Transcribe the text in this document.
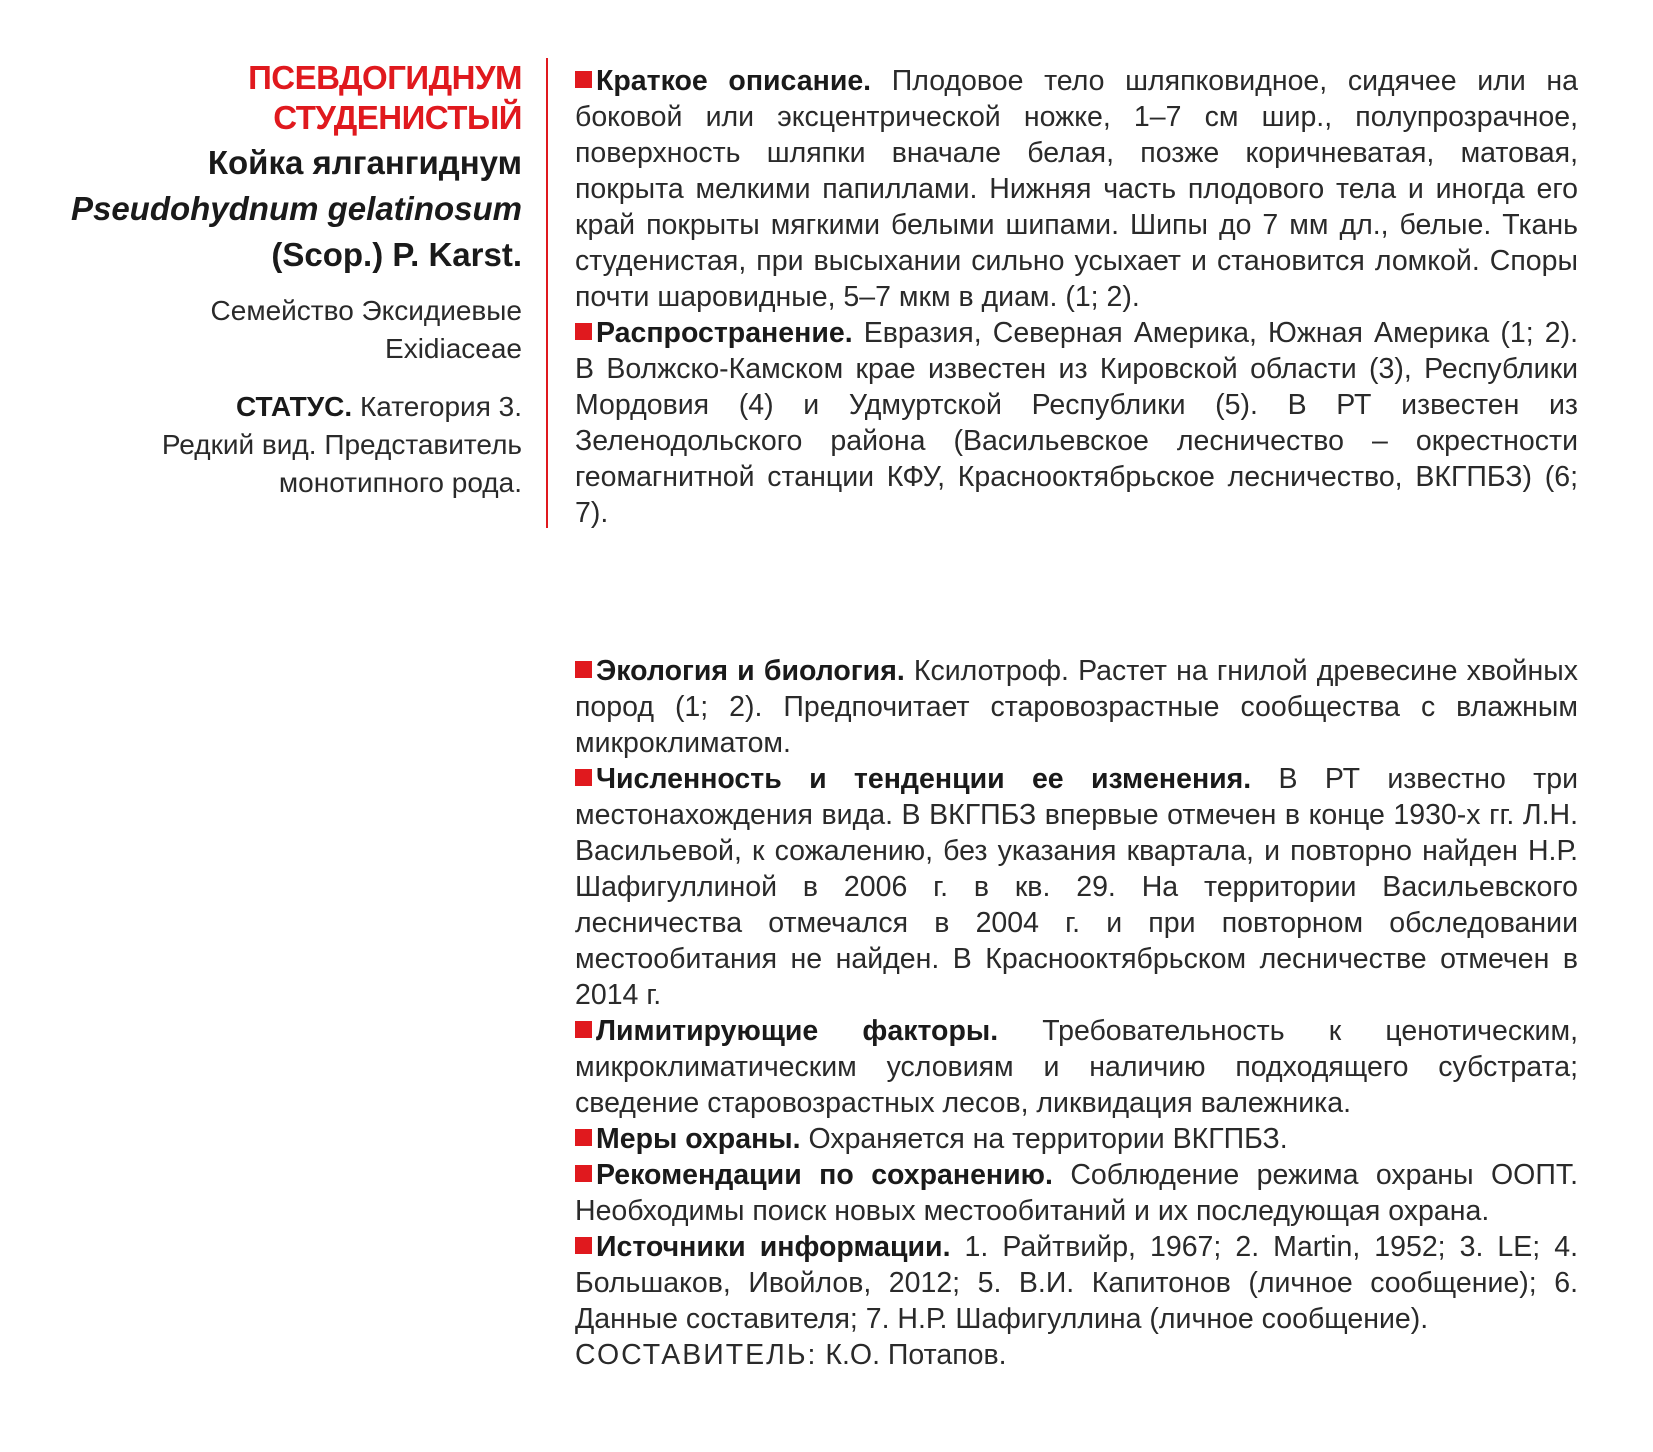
ПСЕВДОГИДНУМ
СТУДЕНИСТЫЙ
Койка ялгангиднум
Pseudohydnum gelatinosum
(Scop.) P. Karst.
Семейство Эксидиевые
Exidiaceae
СТАТУС. Категория 3.
Редкий вид. Представитель
монотипного рода.

Краткое описание. Плодовое тело шляпковидное, сидячее или на боковой или эксцентрической ножке, 1–7 см шир., полупрозрачное, поверхность шляпки вначале белая, позже коричневатая, матовая, покрыта мелкими папиллами. Нижняя часть плодового тела и иногда его край покрыты мягкими белыми шипами. Шипы до 7 мм дл., белые. Ткань студенистая, при высыхании сильно усыхает и становится ломкой. Споры почти шаровидные, 5–7 мкм в диам. (1; 2).

Распространение. Евразия, Северная Америка, Южная Америка (1; 2). В Волжско-Камском крае известен из Кировской области (3), Республики Мордовия (4) и Удмуртской Республики (5). В РТ известен из Зеленодольского района (Васильевское лесничество – окрестности геомагнитной станции КФУ, Краснооктябрьское лесничество, ВКГПБЗ) (6; 7).

Экология и биология. Ксилотроф. Растет на гнилой древесине хвойных пород (1; 2). Предпочитает старовозрастные сообщества с влажным микроклиматом.

Численность и тенденции ее изменения. В РТ известно три местонахождения вида. В ВКГПБЗ впервые отмечен в конце 1930-х гг. Л.Н. Васильевой, к сожалению, без указания квартала, и повторно найден Н.Р. Шафигуллиной в 2006 г. в кв. 29. На территории Васильевского лесничества отмечался в 2004 г. и при повторном обследовании местообитания не найден. В Краснооктябрьском лесничестве отмечен в 2014 г.

Лимитирующие факторы. Требовательность к ценотическим, микроклиматическим условиям и наличию подходящего субстрата; сведение старовозрастных лесов, ликвидация валежника.

Меры охраны. Охраняется на территории ВКГПБЗ.

Рекомендации по сохранению. Соблюдение режима охраны ООПТ. Необходимы поиск новых местообитаний и их последующая охрана.

Источники информации. 1. Райтвийр, 1967; 2. Martin, 1952; 3. LE; 4. Большаков, Ивойлов, 2012; 5. В.И. Капитонов (личное сообщение); 6. Данные составителя; 7. Н.Р. Шафигуллина (личное сообщение).

СОСТАВИТЕЛЬ: К.О. Потапов.
